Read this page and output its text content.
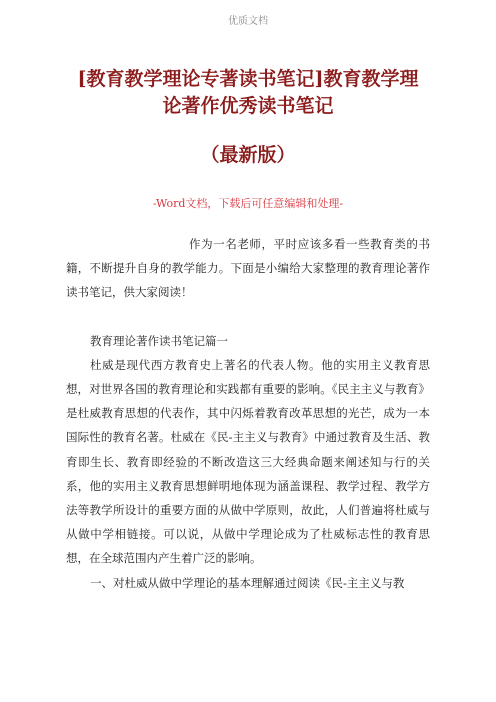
优质文档
[教育教学理论专著读书笔记]教育教学理
论著作优秀读书笔记
（最新版）
-Word文档，下载后可任意编辑和处理-

作为一名老师，平时应该多看一些教育类的书籍，不断提升自身的教学能力。下面是小编给大家整理的教育理论著作读书笔记，供大家阅读！

教育理论著作读书笔记篇一

杜威是现代西方教育史上著名的代表人物。他的实用主义教育思想，对世界各国的教育理论和实践都有重要的影响。《民主主义与教育》是杜威教育思想的代表作，其中闪烁着教育改革思想的光芒，成为一本国际性的教育名著。杜威在《民-主主义与教育》中通过教育及生活、教育即生长、教育即经验的不断改造这三大经典命题来阐述知与行的关系，他的实用主义教育思想鲜明地体现为涵盖课程、教学过程、教学方法等教学所设计的重要方面的从做中学原则，故此，人们普遍将杜威与从做中学相链接。可以说，从做中学理论成为了杜威标志性的教育思想，在全球范围内产生着广泛的影响。

一、对杜威从做中学理论的基本理解通过阅读《民-主主义与教
